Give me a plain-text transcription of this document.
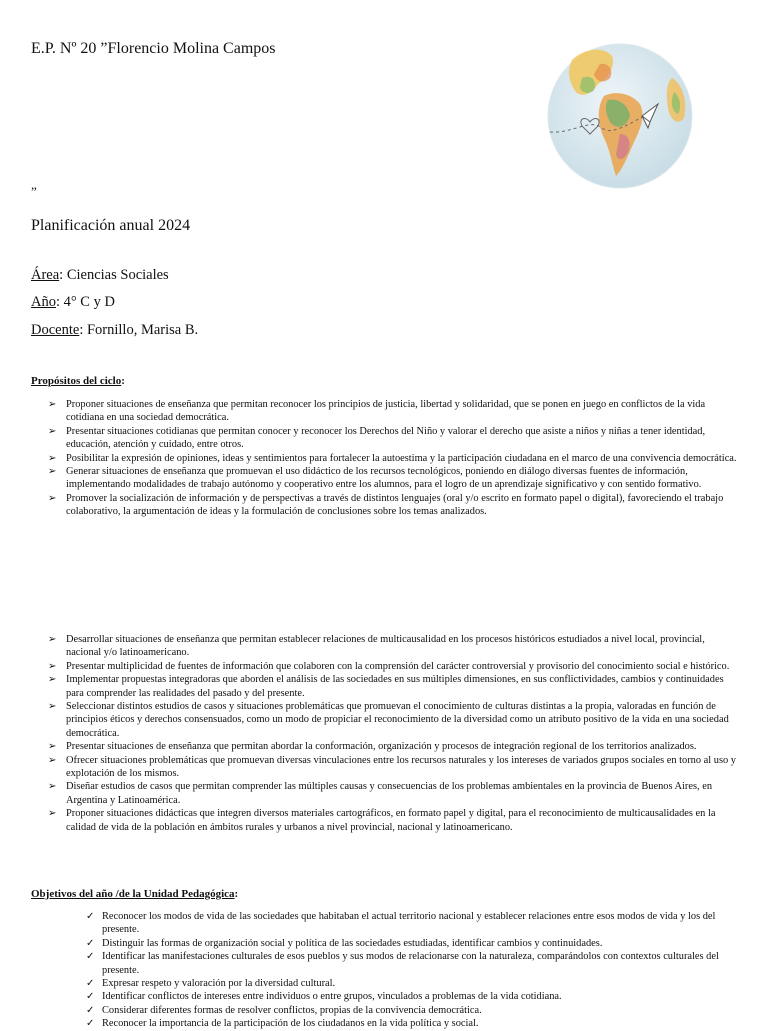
E.P. Nº 20 ”Florencio Molina Campos
”
Planificación anual 2024
Área: Ciencias Sociales
Año: 4° C y D
Docente: Fornillo, Marisa B.
Propósitos del ciclo:
➢ Proponer situaciones de enseñanza que permitan reconocer los principios de justicia, libertad y solidaridad, que se ponen en juego en conflictos de la vida cotidiana en una sociedad democrática.
➢ Presentar situaciones cotidianas que permitan conocer y reconocer los Derechos del Niño y valorar el derecho que asiste a niños y niñas a tener identidad, educación, atención y cuidado, entre otros.
➢ Posibilitar la expresión de opiniones, ideas y sentimientos para fortalecer la autoestima y la participación ciudadana en el marco de una convivencia democrática.
➢ Generar situaciones de enseñanza que promuevan el uso didáctico de los recursos tecnológicos, poniendo en diálogo diversas fuentes de información, implementando modalidades de trabajo autónomo y cooperativo entre los alumnos, para el logro de un aprendizaje significativo y con sentido formativo.
➢ Promover la socialización de información y de perspectivas a través de distintos lenguajes (oral y/o escrito en formato papel o digital), favoreciendo el trabajo colaborativo, la argumentación de ideas y la formulación de conclusiones sobre los temas analizados.
➢ Desarrollar situaciones de enseñanza que permitan establecer relaciones de multicausalidad en los procesos históricos estudiados a nivel local, provincial, nacional y/o latinoamericano.
➢ Presentar multiplicidad de fuentes de información que colaboren con la comprensión del carácter controversial y provisorio del conocimiento social e histórico.
➢ Implementar propuestas integradoras que aborden el análisis de las sociedades en sus múltiples dimensiones, en sus conflictividades, cambios y continuidades para comprender las realidades del pasado y del presente.
➢ Seleccionar distintos estudios de casos y situaciones problemáticas que promuevan el conocimiento de culturas distintas a la propia, valoradas en función de principios éticos y derechos consensuados, como un modo de propiciar el reconocimiento de la diversidad como un atributo positivo de la vida en una sociedad democrática.
➢ Presentar situaciones de enseñanza que permitan abordar la conformación, organización y procesos de integración regional de los territorios analizados.
➢ Ofrecer situaciones problemáticas que promuevan diversas vinculaciones entre los recursos naturales y los intereses de variados grupos sociales en torno al uso y explotación de los mismos.
➢ Diseñar estudios de casos que permitan comprender las múltiples causas y consecuencias de los problemas ambientales en la provincia de Buenos Aires, en Argentina y Latinoamérica.
➢ Proponer situaciones didácticas que integren diversos materiales cartográficos, en formato papel y digital, para el reconocimiento de multicausalidades en la calidad de vida de la población en ámbitos rurales y urbanos a nivel provincial, nacional y latinoamericano.
Objetivos del año /de la Unidad Pedagógica:
✓ Reconocer los modos de vida de las sociedades que habitaban el actual territorio nacional y establecer relaciones entre esos modos de vida y los del presente.
✓ Distinguir las formas de organización social y política de las sociedades estudiadas, identificar cambios y continuidades.
✓ Identificar las manifestaciones culturales de esos pueblos y sus modos de relacionarse con la naturaleza, comparándolos con contextos culturales del presente.
✓ Expresar respeto y valoración por la diversidad cultural.
✓ Identificar conflictos de intereses entre individuos o entre grupos, vinculados a problemas de la vida cotidiana.
✓ Considerar diferentes formas de resolver conflictos, propias de la convivencia democrática.
✓ Reconocer la importancia de la participación de los ciudadanos en la vida política y social.
